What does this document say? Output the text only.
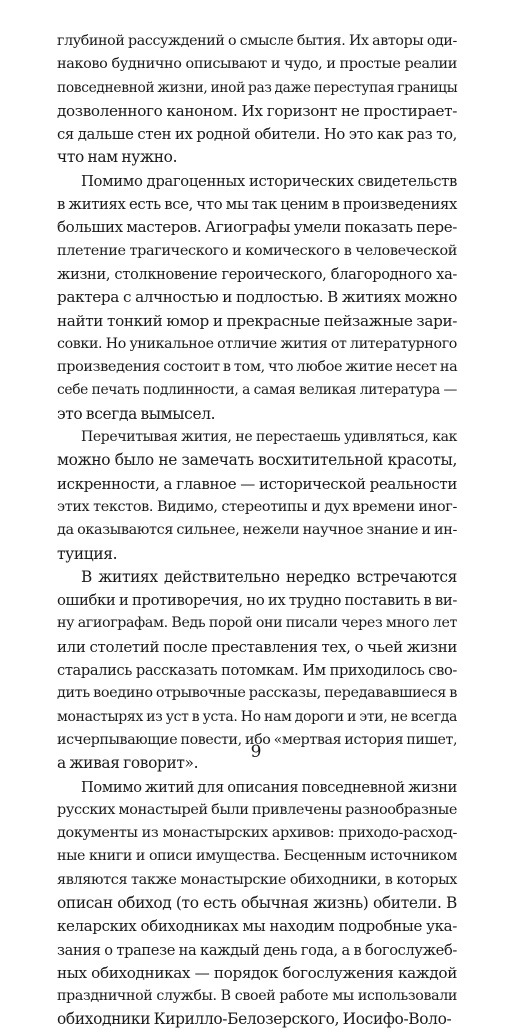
глубиной рассуждений о смысле бытия. Их авторы оди-
наково буднично описывают и чудо, и простые реалии
повседневной жизни, иной раз даже переступая границы
дозволенного каноном. Их горизонт не простирает-
ся дальше стен их родной обители. Но это как раз то,
что нам нужно.
Помимо драгоценных исторических свидетельств
в житиях есть все, что мы так ценим в произведениях
больших мастеров. Агиографы умели показать пере-
плетение трагического и комического в человеческой
жизни, столкновение героического, благородного ха-
рактера с алчностью и подлостью. В житиях можно
найти тонкий юмор и прекрасные пейзажные зари-
совки. Но уникальное отличие жития от литературного
произведения состоит в том, что любое житие несет на
себе печать подлинности, а самая великая литература —
это всегда вымысел.
Перечитывая жития, не перестаешь удивляться, как
можно было не замечать восхитительной красоты,
искренности, а главное — исторической реальности
этих текстов. Видимо, стереотипы и дух времени иног-
да оказываются сильнее, нежели научное знание и ин-
туиция.
В житиях действительно нередко встречаются
ошибки и противоречия, но их трудно поставить в ви-
ну агиографам. Ведь порой они писали через много лет
или столетий после преставления тех, о чьей жизни
старались рассказать потомкам. Им приходилось сво-
дить воедино отрывочные рассказы, передававшиеся в
монастырях из уст в уста. Но нам дороги и эти, не всегда
исчерпывающие повести, ибо «мертвая история пишет,
а живая говорит».
Помимо житий для описания повседневной жизни
русских монастырей были привлечены разнообразные
документы из монастырских архивов: приходо-расход-
ные книги и описи имущества. Бесценным источником
являются также монастырские обиходники, в которых
описан обиход (то есть обычная жизнь) обители. В
келарских обиходниках мы находим подробные ука-
зания о трапезе на каждый день года, а в богослужеб-
ных обиходниках — порядок богослужения каждой
праздничной службы. В своей работе мы использовали
обиходники Кирилло-Белозерского, Иосифо-Воло-
9
